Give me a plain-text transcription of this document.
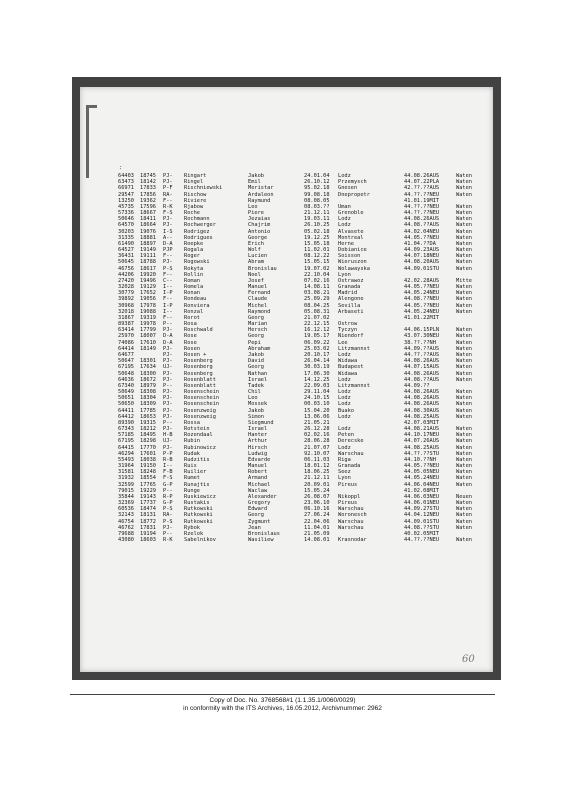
:
64403 18745 PJ- Ringart	Jakob	24.01.04 Lodz	44.08.26AUS	Waten
63473 18142 PJ- Ringel	Emil	26.10.12 Przemysch	44.07.22PLA	Waten
66971 17833 P-F Rischniewski	Meristar	95.02.18 Gnesen	42.??.??AUS	Waten
29547 17856 RA- Rischow	Ardaleon	99.08.18 Dnepropetr	44.??.??NEU	Waten
13250 19362 F-- Riviere	Raymund	08.08.05	41.01.19MIT
45735 17596 R-K Rjabow	Leo	08.03.?? Uman	44.??.??NEU	Waten
57336 18667 F-S Roche	Piere	21.12.11 Grenoble	44.??.??NEU	Waten
50646 18411 PJ- Rochmann	Jezaias	19.03.11 Lodz	44.08.26AUS	Waten
64570 18664 PJ- Rochwerger	Chajrim	26.10.25 Lodz	44.08.??AUS	Waten
30203 19076 I-S Rodrigez	Antonio	05.02.18 Alvasete	44.02.04NEU	Waten
31335 18881 A-- Rodrigues	George	19.12.25 Montreal	44.05.??NEU	Waten
61490 18897 D-A Roepke	Erich	15.05.18 Herne	41.04.??DA	Waten
64527 19149 PJP Rogala	Wolf	11.02.01 Dobianice	44.09.23AUS	Waten
36431 19111 F-- Roger	Lucien	08.12.22 Soisson	44.07.18NEU	Waten
50645 18788 PJ- Rogowski	Abram	15.05.15 Wieruszon	44.08.20AUS	Waten
46756 18617 P-S Rokyta	Bronislau	19.07.02 Wolawayska	44.09.01STU	Waten
44206 19920 F-- Rollin	Noel	22.10.04 Lyon
27420 19496 C-- Roman	Josef	07.02.16 Ostrawoz	42.02.28AUS	Mitte
32028 19129 I-- Romela	Manuel	14.08.11 Granada	44.05.??NEU	Waten
30779 17652 I-P Ronan	Fernand	03.08.21 Madrid	44.05.24NEU	Waten
39892 19056 F-- Rondeau	Claude	25.09.29 Alengone	44.08.??NEU	Waten
30968 17978 I-P Ronviera	Michel	08.04.25 Sevilla	44.05.??NEU	Waten
32018 19088 I-- Ronzal	Raymond	05.08.31 Arbaseti	44.05.24NEU	Waten
31867 19319 F-- Rorot	Georg	21.07.02	41.01.22MIT
89387 19978 P-- Rosa	Marian	22.12.15 Ostrow
63414 17799 PJ- Roschwald	Hersch	16.12.12 Tyczyn	44.06.15PLN	Waten
25970 18007 D-A Rose	Georg	19.05.17 Niendorf	43.07.30NEU	Waten
74086 17610 D-A Rose	Pepi	06.09.22 Lee	38.??.??NH	Waten
64414 18149 PJ- Rosen	Abraham	25.03.02 Litzmannst	44.09.??AUS	Waten
64677	PJ- Rosen +	Jakob	20.10.17 Lodz	44.??.??AUS	Waten
50647 18301 PJ- Rosenberg	David	26.04.14 Widawa	44.08.26AUS	Waten
67195 17634 UJ- Rosenberg	Georg	30.03.19 Budapest	44.07.15AUS	Waten
50648 18300 PJ- Rosenberg	Nathan	17.06.30 Widawa	44.08.26AUS	Waten
64636 18672 PJ- Rosenblatt	Israel	14.12.25 Lodz	44.08.??AUS	Waten
67340 18979 P-- Rosenblatt	Tadek	22.09.03 Litzmannst	44.09.??
50649 18308 PJ- Rosenschein	Chil	29.11.04 Lodz	44.08.26AUS	Waten
50651 18304 PJ- Rosenschein	Leo	24.10.15 Lodz	44.08.26AUS	Waten
50650 18309 PJ- Rosenschein	Mossek	00.03.10 Lodz	44.08.26AUS	Waten
64411 17785 PJ- Rosenzweig	Jakob	15.04.20 Buako	44.08.30AUS	Waten
64412 18653 PJ- Rosenzweig	Simon	13.06.06 Lodz	44.08.25AUS	Waten
89390 19315 P-- Rossa	Siegmund	21.05.21	42.07.03MIT
67343 18212 PJ- Rotstein	Israel	26.12.28 Lodz	44.08.21AUS	Waten
57185 18495 H-B Rozendaal	Hanter	02.02.16 Peten	44.10.17NEU	Waten
67195 18298 UJ- Rubin	Arthur	28.06.28 Derecske	44.07.26AUS	Waten
64415 17770 PJ- Rubinowicz	Hirsch	21.07.07 Lodz	44.08.25AUS	Waten
46294 17601 P-P Rudak	Ludwig	92.10.07 Warschau	44.??.??STU	Waten
55493 18038 R-B Rudzitis	Edvarde	06.11.03 Riga	44.10.??NH	Waten
31964 19150 I-- Ruis	Manuel	18.01.12 Granada	44.05.??NEU	Waten
31581 18248 F-B Ruilier	Robert	18.06.25 Seez	44.05.05NEU	Waten
31932 18554 F-S Rumet	Armand	21.12.11 Lyon	44.05.24NEU	Waten
32599 17765 G-P Runajtis	Michael	20.09.01 Pireus	44.06.04NEU	Waten
79015 19229 P-- Runge	Waclaw	15.05.24	41.02.08MIT
35844 19143 R-P Ruskiewicz	Alexander	26.08.07 Nikoppl	44.06.03NEU	Neuen
32369 17737 G-P Rustakis	Gregory	23.06.10 Pireus	44.06.01NEU	Waten
60536 18474 P-S Rutkowski	Edward	06.10.16 Warschau	44.09.27STU	Waten
32143 18131 RA- Rutkowski	Georg	27.06.24 Woronesch	44.04.12NEU	Waten
46754 18772 P-S Rutkowski	Zygmunt	22.04.06 Warschau	44.09.01STU	Waten
46762 17831 PJ- Rybok	Jean	11.04.01 Warschau	44.08.??STU	Waten
79688 19194 P-- Rzelok	Bronislaus	21.05.09	40.02.05MIT
43080 18603 R-K Sabelnikov	Wasiliew	14.08.01 Krasnodar	44.??.??NEU	Waten
60
Copy of Doc. No. 3768568#1 (1.1.35.1/0060/0029)
in conformity with the ITS Archives, 16.05.2012, Archivnummer: 2962
